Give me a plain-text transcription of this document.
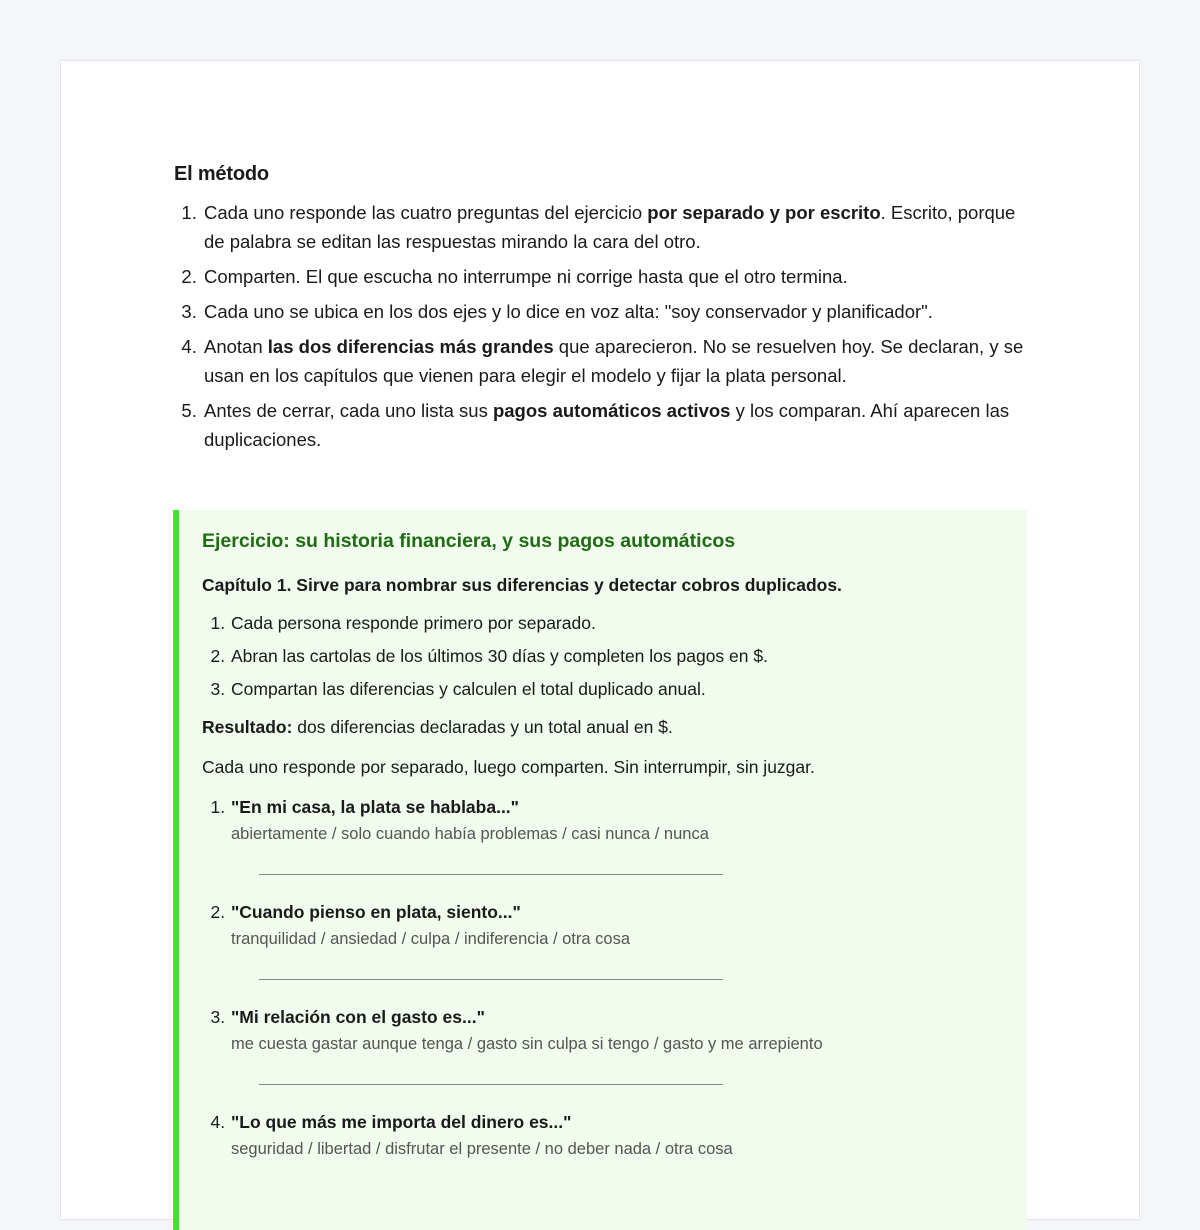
El método
1. Cada uno responde las cuatro preguntas del ejercicio por separado y por escrito. Escrito, porque de palabra se editan las respuestas mirando la cara del otro.
2. Comparten. El que escucha no interrumpe ni corrige hasta que el otro termina.
3. Cada uno se ubica en los dos ejes y lo dice en voz alta: "soy conservador y planificador".
4. Anotan las dos diferencias más grandes que aparecieron. No se resuelven hoy. Se declaran, y se usan en los capítulos que vienen para elegir el modelo y fijar la plata personal.
5. Antes de cerrar, cada uno lista sus pagos automáticos activos y los comparan. Ahí aparecen las duplicaciones.
Ejercicio: su historia financiera, y sus pagos automáticos
Capítulo 1. Sirve para nombrar sus diferencias y detectar cobros duplicados.
1. Cada persona responde primero por separado.
2. Abran las cartolas de los últimos 30 días y completen los pagos en $.
3. Compartan las diferencias y calculen el total duplicado anual.
Resultado: dos diferencias declaradas y un total anual en $.
Cada uno responde por separado, luego comparten. Sin interrumpir, sin juzgar.
1. "En mi casa, la plata se hablaba..."
abiertamente / solo cuando había problemas / casi nunca / nunca
2. "Cuando pienso en plata, siento..."
tranquilidad / ansiedad / culpa / indiferencia / otra cosa
3. "Mi relación con el gasto es..."
me cuesta gastar aunque tenga / gasto sin culpa si tengo / gasto y me arrepiento
4. "Lo que más me importa del dinero es..."
seguridad / libertad / disfrutar el presente / no deber nada / otra cosa
